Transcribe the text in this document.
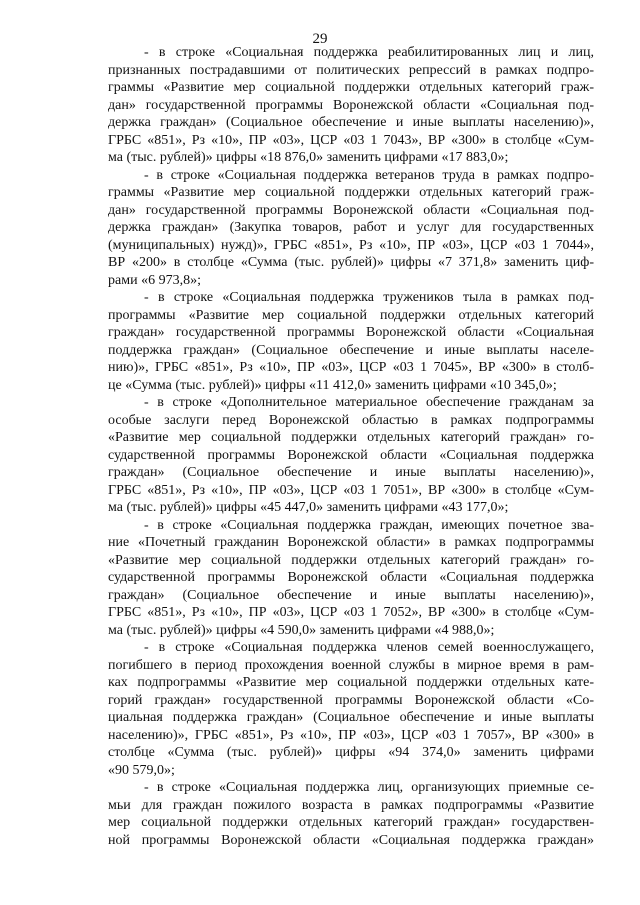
29
- в строке «Социальная поддержка реабилитированных лиц и лиц,
признанных пострадавшими от политических репрессий в рамках подпро-
граммы «Развитие мер социальной поддержки отдельных категорий граж-
дан» государственной программы Воронежской области «Социальная под-
держка граждан» (Социальное обеспечение и иные выплаты населению)»,
ГРБС «851», Рз «10», ПР «03», ЦСР «03 1 7043», ВР «300» в столбце «Сум-
ма (тыс. рублей)» цифры «18 876,0» заменить цифрами «17 883,0»;
- в строке «Социальная поддержка ветеранов труда в рамках подпро-
граммы «Развитие мер социальной поддержки отдельных категорий граж-
дан» государственной программы Воронежской области «Социальная под-
держка граждан» (Закупка товаров, работ и услуг для государственных
(муниципальных) нужд)», ГРБС «851», Рз «10», ПР «03», ЦСР «03 1 7044»,
ВР «200» в столбце «Сумма (тыс. рублей)» цифры «7 371,8» заменить циф-
рами «6 973,8»;
- в строке «Социальная поддержка тружеников тыла в рамках под-
программы «Развитие мер социальной поддержки отдельных категорий
граждан» государственной программы Воронежской области «Социальная
поддержка граждан» (Социальное обеспечение и иные выплаты населе-
нию)», ГРБС «851», Рз «10», ПР «03», ЦСР «03 1 7045», ВР «300» в столб-
це «Сумма (тыс. рублей)» цифры «11 412,0» заменить цифрами «10 345,0»;
- в строке «Дополнительное материальное обеспечение гражданам за
особые заслуги перед Воронежской областью в рамках подпрограммы
«Развитие мер социальной поддержки отдельных категорий граждан» го-
сударственной программы Воронежской области «Социальная поддержка
граждан» (Социальное обеспечение и иные выплаты населению)»,
ГРБС «851», Рз «10», ПР «03», ЦСР «03 1 7051», ВР «300» в столбце «Сум-
ма (тыс. рублей)» цифры «45 447,0» заменить цифрами «43 177,0»;
- в строке «Социальная поддержка граждан, имеющих почетное зва-
ние «Почетный гражданин Воронежской области» в рамках подпрограммы
«Развитие мер социальной поддержки отдельных категорий граждан» го-
сударственной программы Воронежской области «Социальная поддержка
граждан» (Социальное обеспечение и иные выплаты населению)»,
ГРБС «851», Рз «10», ПР «03», ЦСР «03 1 7052», ВР «300» в столбце «Сум-
ма (тыс. рублей)» цифры «4 590,0» заменить цифрами «4 988,0»;
- в строке «Социальная поддержка членов семей военнослужащего,
погибшего в период прохождения военной службы в мирное время в рам-
ках подпрограммы «Развитие мер социальной поддержки отдельных кате-
горий граждан» государственной программы Воронежской области «Со-
циальная поддержка граждан» (Социальное обеспечение и иные выплаты
населению)», ГРБС «851», Рз «10», ПР «03», ЦСР «03 1 7057», ВР «300» в
столбце «Сумма (тыс. рублей)» цифры «94 374,0» заменить цифрами
«90 579,0»;
- в строке «Социальная поддержка лиц, организующих приемные се-
мьи для граждан пожилого возраста в рамках подпрограммы «Развитие
мер социальной поддержки отдельных категорий граждан» государствен-
ной программы Воронежской области «Социальная поддержка граждан»
